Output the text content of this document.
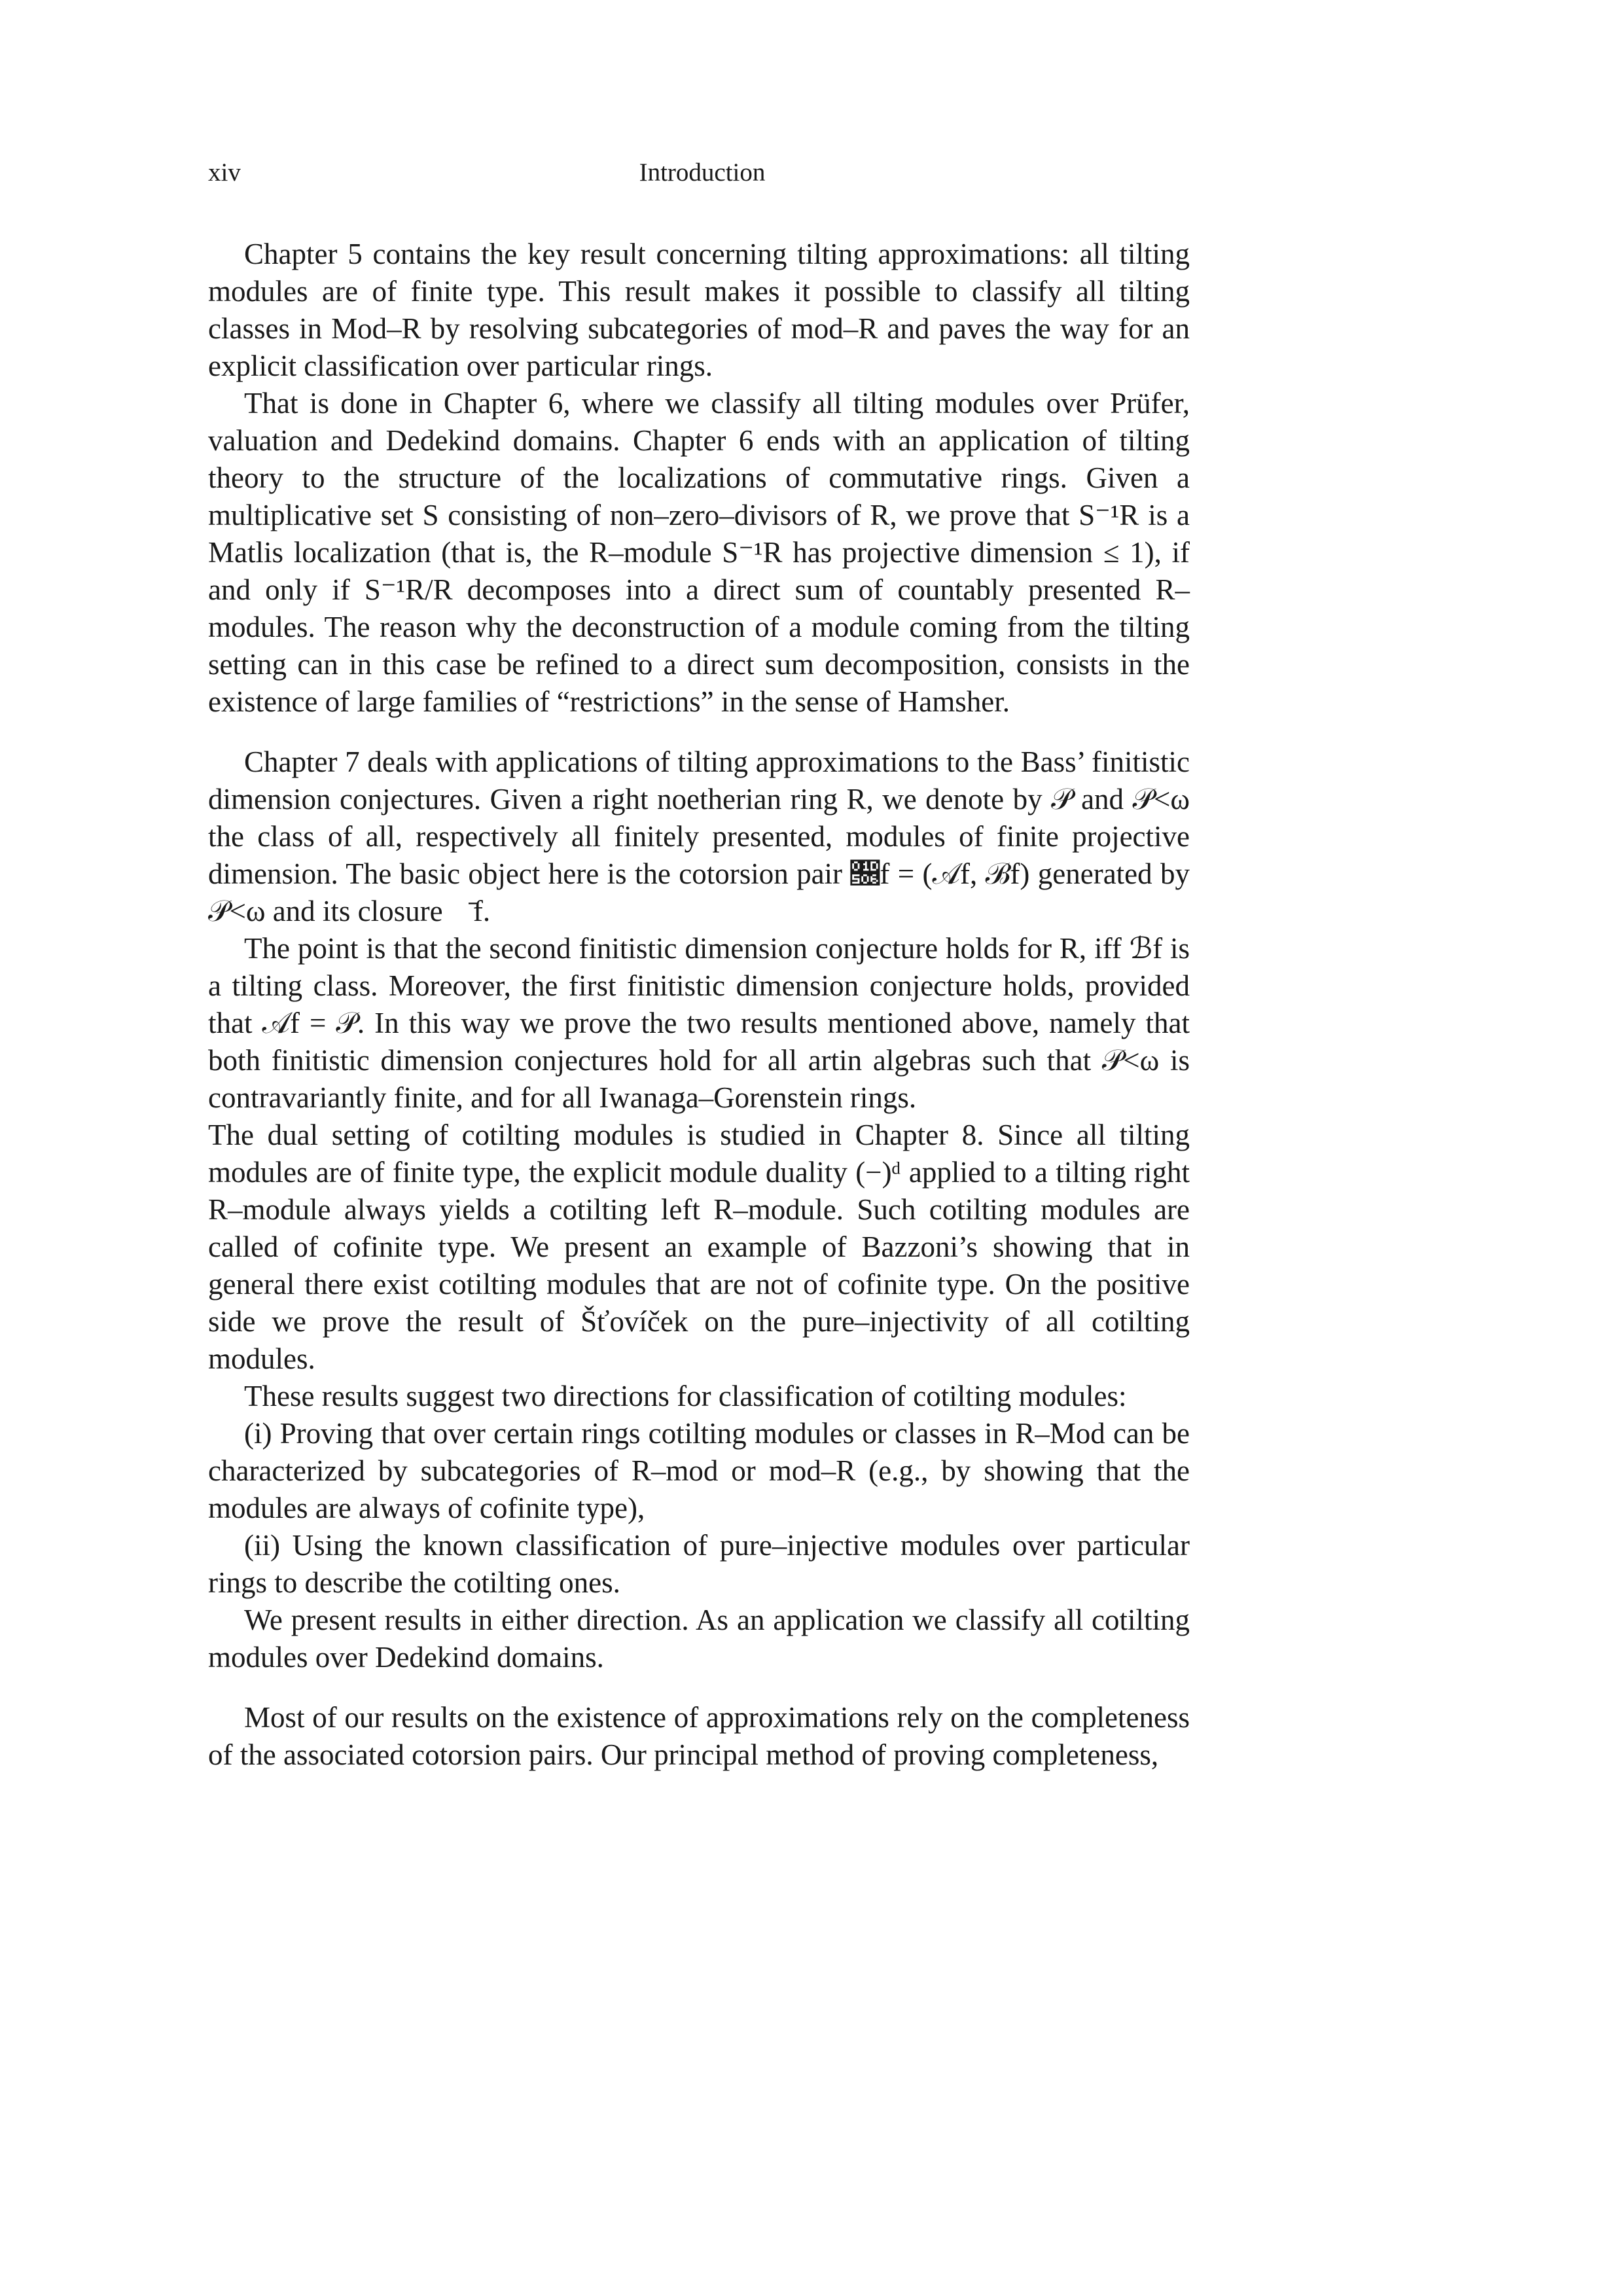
xiv	Introduction

Chapter 5 contains the key result concerning tilting approximations: all tilting modules are of finite type. This result makes it possible to classify all tilting classes in Mod–R by resolving subcategories of mod–R and paves the way for an explicit classification over particular rings.

That is done in Chapter 6, where we classify all tilting modules over Prüfer, valuation and Dedekind domains. Chapter 6 ends with an application of tilting theory to the structure of the localizations of commutative rings. Given a multiplicative set S consisting of non–zero–divisors of R, we prove that S⁻¹R is a Matlis localization (that is, the R–module S⁻¹R has projective dimension ≤ 1), if and only if S⁻¹R/R decomposes into a direct sum of countably presented R–modules. The reason why the deconstruction of a module coming from the tilting setting can in this case be refined to a direct sum decomposition, consists in the existence of large families of “restrictions” in the sense of Hamsher.

Chapter 7 deals with applications of tilting approximations to the Bass’ finitistic dimension conjectures. Given a right noetherian ring R, we denote by 𝒫 and 𝒫<ω the class of all, respectively all finitely presented, modules of finite projective dimension. The basic object here is the cotorsion pair 𝔆f = (𝒜f, ℬf) generated by 𝒫<ω and its closure 𝔆̄f.

The point is that the second finitistic dimension conjecture holds for R, iff ℬf is a tilting class. Moreover, the first finitistic dimension conjecture holds, provided that 𝒜f = 𝒫. In this way we prove the two results mentioned above, namely that both finitistic dimension conjectures hold for all artin algebras such that 𝒫<ω is contravariantly finite, and for all Iwanaga–Gorenstein rings.

The dual setting of cotilting modules is studied in Chapter 8. Since all tilting modules are of finite type, the explicit module duality (−)ᵈ applied to a tilting right R–module always yields a cotilting left R–module. Such cotilting modules are called of cofinite type. We present an example of Bazzoni’s showing that in general there exist cotilting modules that are not of cofinite type. On the positive side we prove the result of Šťovíček on the pure–injectivity of all cotilting modules.

These results suggest two directions for classification of cotilting modules:

(i) Proving that over certain rings cotilting modules or classes in R–Mod can be characterized by subcategories of R–mod or mod–R (e.g., by showing that the modules are always of cofinite type),

(ii) Using the known classification of pure–injective modules over particular rings to describe the cotilting ones.

We present results in either direction. As an application we classify all cotilting modules over Dedekind domains.

Most of our results on the existence of approximations rely on the completeness of the associated cotorsion pairs. Our principal method of proving completeness,
